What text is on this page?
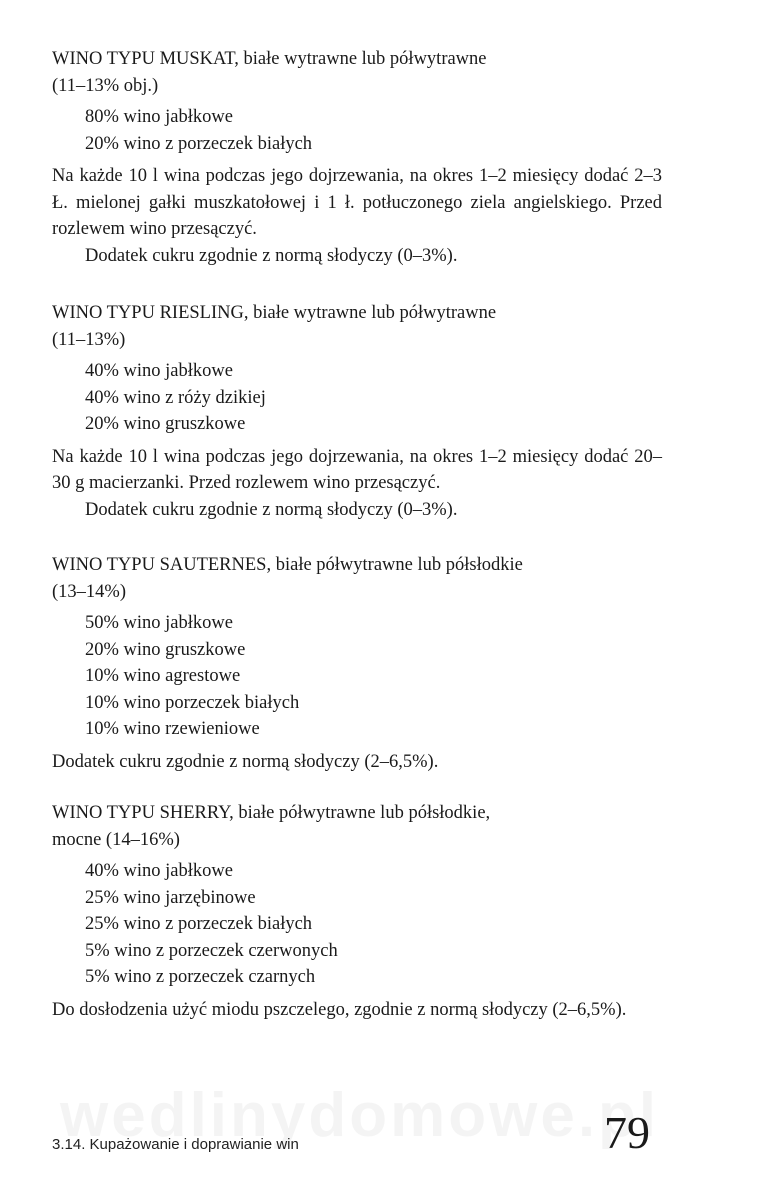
WINO TYPU MUSKAT, białe wytrawne lub półwytrawne

(11–13% obj.)

80% wino jabłkowe
20% wino z porzeczek białych

Na każde 10 l wina podczas jego dojrzewania, na okres 1–2 miesięcy dodać 2–3 Ł. mielonej gałki muszkatołowej i 1 ł. potłuczonego ziela angielskiego. Przed rozlewem wino przesączyć.

Dodatek cukru zgodnie z normą słodyczy (0–3%).

WINO TYPU RIESLING, białe wytrawne lub półwytrawne

(11–13%)

40% wino jabłkowe
40% wino z róży dzikiej
20% wino gruszkowe

Na każde 10 l wina podczas jego dojrzewania, na okres 1–2 miesięcy dodać 20–30 g macierzanki. Przed rozlewem wino przesączyć.

Dodatek cukru zgodnie z normą słodyczy (0–3%).

WINO TYPU SAUTERNES, białe półwytrawne lub półsłodkie

(13–14%)

50% wino jabłkowe
20% wino gruszkowe
10% wino agrestowe
10% wino porzeczek białych
10% wino rzewieniowe

Dodatek cukru zgodnie z normą słodyczy (2–6,5%).

WINO TYPU SHERRY, białe półwytrawne lub półsłodkie,

mocne (14–16%)

40% wino jabłkowe
25% wino jarzębinowe
25% wino z porzeczek białych
5% wino z porzeczek czerwonych
5% wino z porzeczek czarnych

Do dosłodzenia użyć miodu pszczelego, zgodnie z normą słodyczy (2–6,5%).

3.14. Kupażowanie i doprawianie win	79
